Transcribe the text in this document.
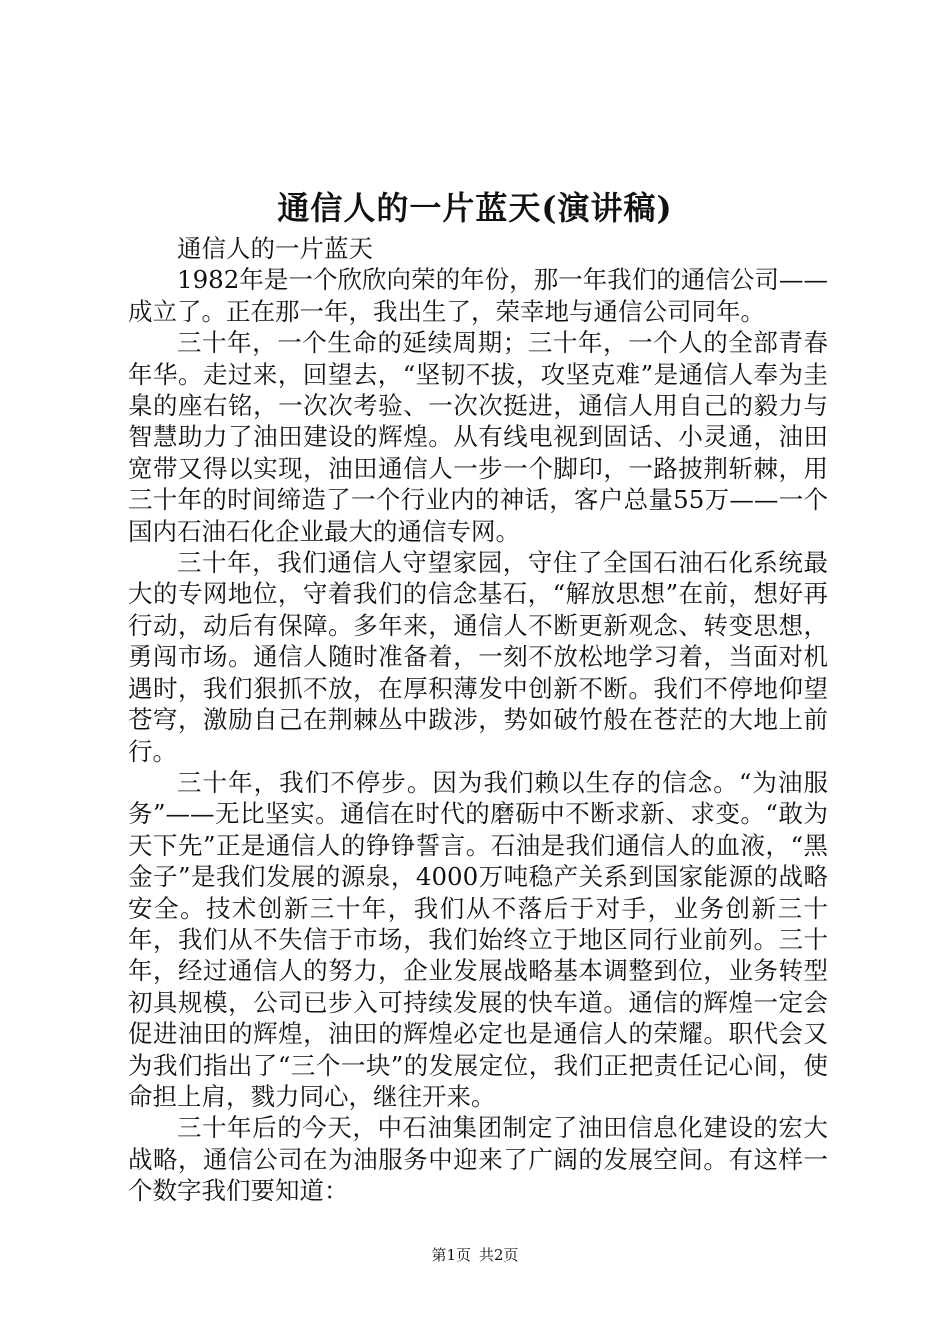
通信人的一片蓝天(演讲稿)

通信人的一片蓝天

1982年是一个欣欣向荣的年份，那一年我们的通信公司——成立了。正在那一年，我出生了，荣幸地与通信公司同年。

三十年，一个生命的延续周期；三十年，一个人的全部青春年华。走过来，回望去，“坚韧不拔，攻坚克难”是通信人奉为圭臬的座右铭，一次次考验、一次次挺进，通信人用自己的毅力与智慧助力了油田建设的辉煌。从有线电视到固话、小灵通，油田宽带又得以实现，油田通信人一步一个脚印，一路披荆斩棘，用三十年的时间缔造了一个行业内的神话，客户总量55万——一个国内石油石化企业最大的通信专网。

三十年，我们通信人守望家园，守住了全国石油石化系统最大的专网地位，守着我们的信念基石，“解放思想”在前，想好再行动，动后有保障。多年来，通信人不断更新观念、转变思想，勇闯市场。通信人随时准备着，一刻不放松地学习着，当面对机遇时，我们狠抓不放，在厚积薄发中创新不断。我们不停地仰望苍穹，激励自己在荆棘丛中跋涉，势如破竹般在苍茫的大地上前行。

三十年，我们不停步。因为我们赖以生存的信念。“为油服务”——无比坚实。通信在时代的磨砺中不断求新、求变。“敢为天下先”正是通信人的铮铮誓言。石油是我们通信人的血液，“黑金子”是我们发展的源泉，4000万吨稳产关系到国家能源的战略安全。技术创新三十年，我们从不落后于对手，业务创新三十年，我们从不失信于市场，我们始终立于地区同行业前列。三十年，经过通信人的努力，企业发展战略基本调整到位，业务转型初具规模，公司已步入可持续发展的快车道。通信的辉煌一定会促进油田的辉煌，油田的辉煌必定也是通信人的荣耀。职代会又为我们指出了“三个一块”的发展定位，我们正把责任记心间，使命担上肩，戮力同心，继往开来。

三十年后的今天，中石油集团制定了油田信息化建设的宏大战略，通信公司在为油服务中迎来了广阔的发展空间。有这样一个数字我们要知道：

第1页 共2页
